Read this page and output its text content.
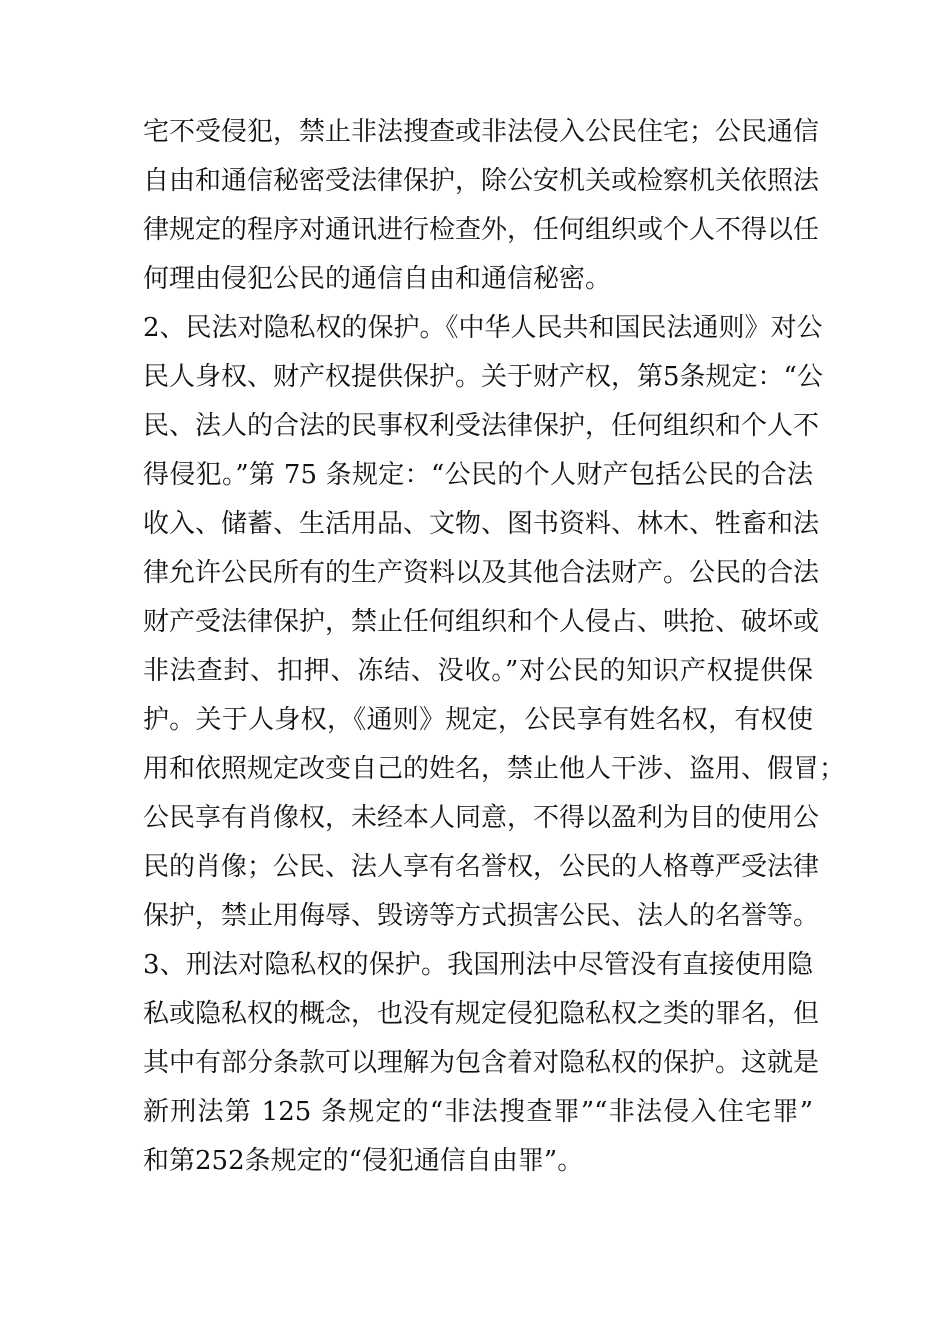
宅不受侵犯，禁止非法搜查或非法侵入公民住宅；公民通信
自由和通信秘密受法律保护，除公安机关或检察机关依照法
律规定的程序对通讯进行检查外，任何组织或个人不得以任
何理由侵犯公民的通信自由和通信秘密。
2、民法对隐私权的保护。《中华人民共和国民法通则》对公
民人身权、财产权提供保护。关于财产权，第5条规定：“公
民、法人的合法的民事权利受法律保护，任何组织和个人不
得侵犯。”第 75 条规定：“公民的个人财产包括公民的合法
收入、储蓄、生活用品、文物、图书资料、林木、牲畜和法
律允许公民所有的生产资料以及其他合法财产。公民的合法
财产受法律保护，禁止任何组织和个人侵占、哄抢、破坏或
非法查封、扣押、冻结、没收。”对公民的知识产权提供保
护。关于人身权，《通则》规定，公民享有姓名权，有权使
用和依照规定改变自己的姓名，禁止他人干涉、盗用、假冒；
公民享有肖像权，未经本人同意，不得以盈利为目的使用公
民的肖像；公民、法人享有名誉权，公民的人格尊严受法律
保护，禁止用侮辱、毁谤等方式损害公民、法人的名誉等。
3、刑法对隐私权的保护。我国刑法中尽管没有直接使用隐
私或隐私权的概念，也没有规定侵犯隐私权之类的罪名，但
其中有部分条款可以理解为包含着对隐私权的保护。这就是
新刑法第 125 条规定的“非法搜查罪”“非法侵入住宅罪”
和第252条规定的“侵犯通信自由罪”。
